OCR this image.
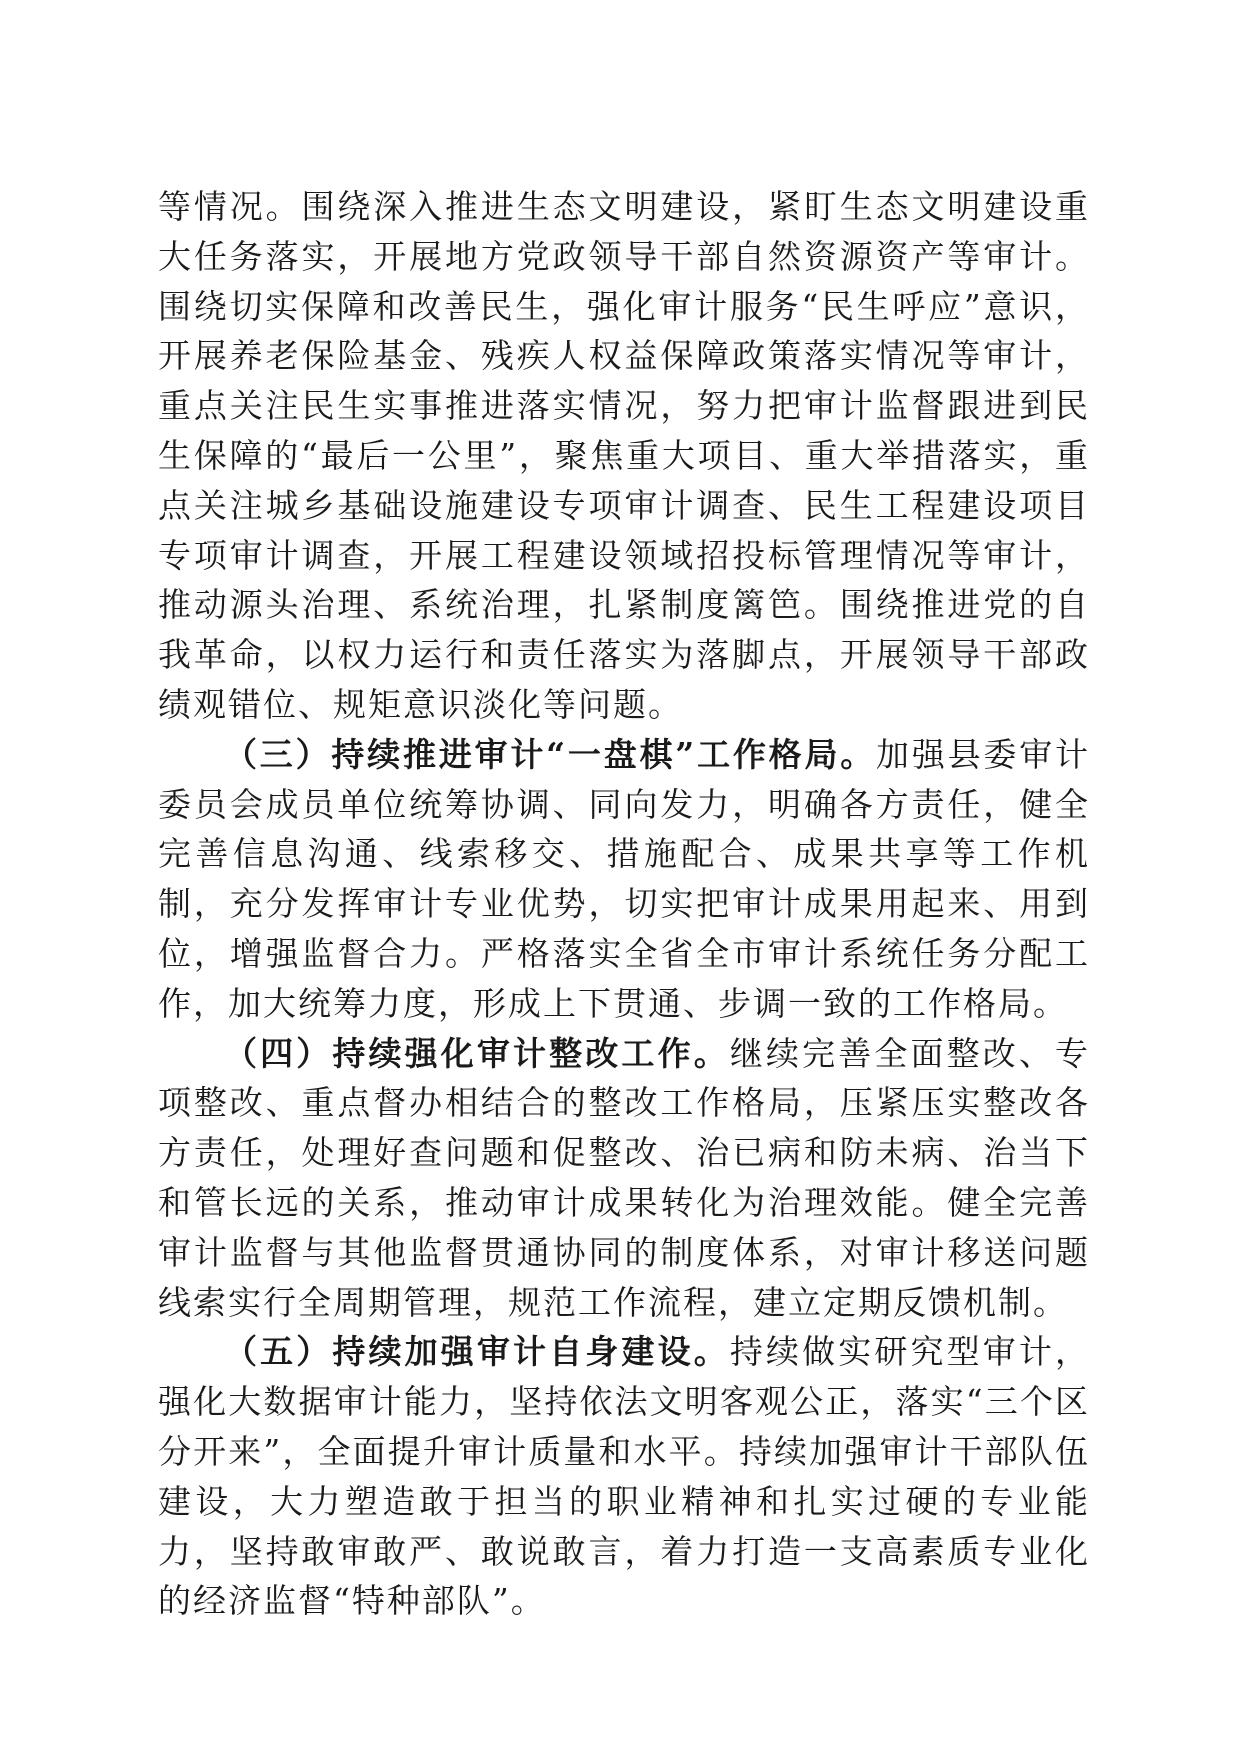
等情况。围绕深入推进生态文明建设，紧盯生态文明建设重大任务落实，开展地方党政领导干部自然资源资产等审计。围绕切实保障和改善民生，强化审计服务“民生呼应”意识，开展养老保险基金、残疾人权益保障政策落实情况等审计，重点关注民生实事推进落实情况，努力把审计监督跟进到民生保障的“最后一公里”，聚焦重大项目、重大举措落实，重点关注城乡基础设施建设专项审计调查、民生工程建设项目专项审计调查，开展工程建设领域招投标管理情况等审计，推动源头治理、系统治理，扎紧制度篱笆。围绕推进党的自我革命，以权力运行和责任落实为落脚点，开展领导干部政绩观错位、规矩意识淡化等问题。

（三）持续推进审计“一盘棋”工作格局。加强县委审计委员会成员单位统筹协调、同向发力，明确各方责任，健全完善信息沟通、线索移交、措施配合、成果共享等工作机制，充分发挥审计专业优势，切实把审计成果用起来、用到位，增强监督合力。严格落实全省全市审计系统任务分配工作，加大统筹力度，形成上下贯通、步调一致的工作格局。

（四）持续强化审计整改工作。继续完善全面整改、专项整改、重点督办相结合的整改工作格局，压紧压实整改各方责任，处理好查问题和促整改、治已病和防未病、治当下和管长远的关系，推动审计成果转化为治理效能。健全完善审计监督与其他监督贯通协同的制度体系，对审计移送问题线索实行全周期管理，规范工作流程，建立定期反馈机制。

（五）持续加强审计自身建设。持续做实研究型审计，强化大数据审计能力，坚持依法文明客观公正，落实“三个区分开来”，全面提升审计质量和水平。持续加强审计干部队伍建设，大力塑造敢于担当的职业精神和扎实过硬的专业能力，坚持敢审敢严、敢说敢言，着力打造一支高素质专业化的经济监督“特种部队”。
